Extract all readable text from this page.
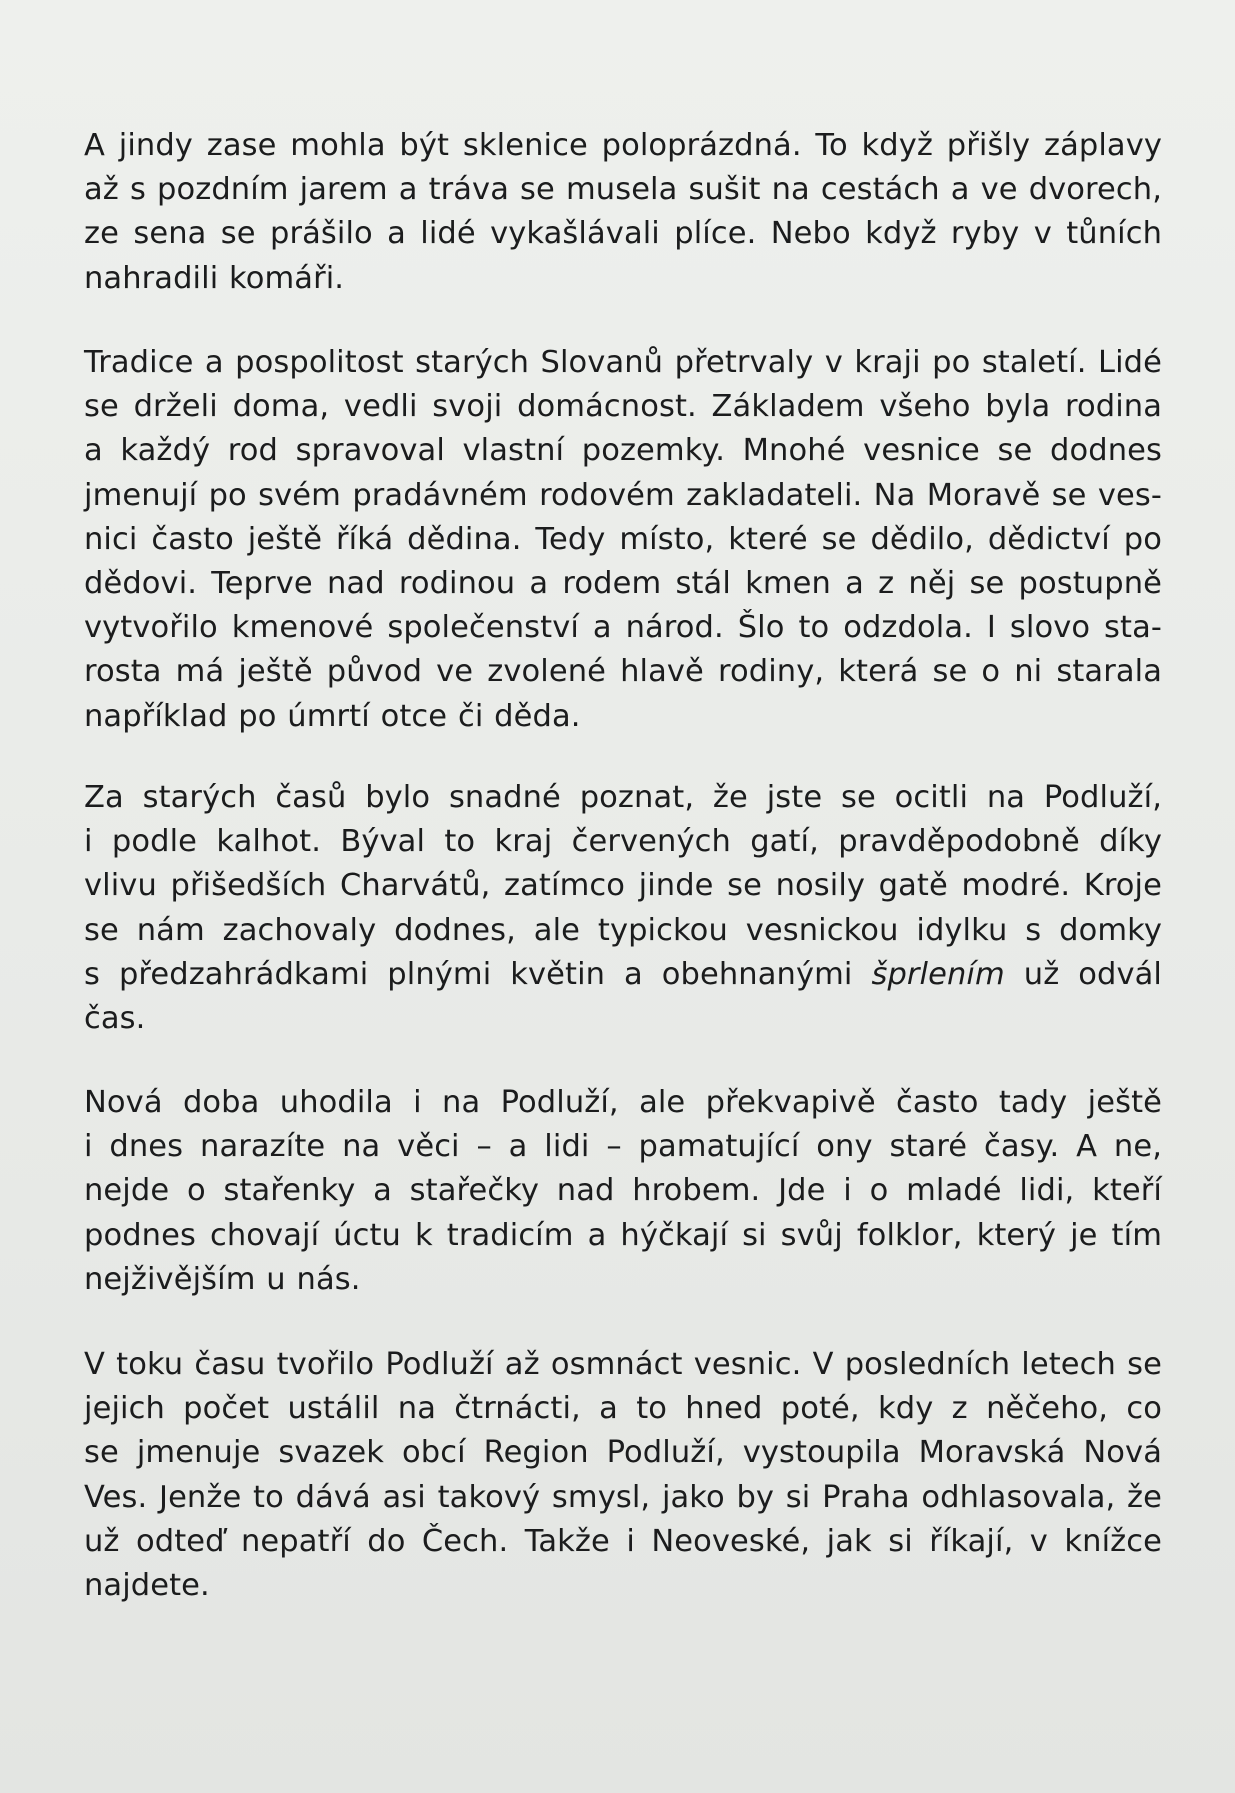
A jindy zase mohla být sklenice poloprázdná. To když přišly záplavy
až s pozdním jarem a tráva se musela sušit na cestách a ve dvorech,
ze sena se prášilo a lidé vykašlávali plíce. Nebo když ryby v tůních
nahradili komáři.
Tradice a pospolitost starých Slovanů přetrvaly v kraji po staletí. Lidé
se drželi doma, vedli svoji domácnost. Základem všeho byla rodina
a každý rod spravoval vlastní pozemky. Mnohé vesnice se dodnes
jmenují po svém pradávném rodovém zakladateli. Na Moravě se ves-
nici často ještě říká dědina. Tedy místo, které se dědilo, dědictví po
dědovi. Teprve nad rodinou a rodem stál kmen a z něj se postupně
vytvořilo kmenové společenství a národ. Šlo to odzdola. I slovo sta-
rosta má ještě původ ve zvolené hlavě rodiny, která se o ni starala
například po úmrtí otce či děda.
Za starých časů bylo snadné poznat, že jste se ocitli na Podluží,
i podle kalhot. Býval to kraj červených gatí, pravděpodobně díky
vlivu přišedších Charvátů, zatímco jinde se nosily gatě modré. Kroje
se nám zachovaly dodnes, ale typickou vesnickou idylku s domky
s předzahrádkami plnými květin a obehnanými šprlením už odvál
čas.
Nová doba uhodila i na Podluží, ale překvapivě často tady ještě
i dnes narazíte na věci – a lidi – pamatující ony staré časy. A ne,
nejde o stařenky a stařečky nad hrobem. Jde i o mladé lidi, kteří
podnes chovají úctu k tradicím a hýčkají si svůj folklor, který je tím
nejživějším u nás.
V toku času tvořilo Podluží až osmnáct vesnic. V posledních letech se
jejich počet ustálil na čtrnácti, a to hned poté, kdy z něčeho, co
se jmenuje svazek obcí Region Podluží, vystoupila Moravská Nová
Ves. Jenže to dává asi takový smysl, jako by si Praha odhlasovala, že
už odteď nepatří do Čech. Takže i Neoveské, jak si říkají, v knížce
najdete.
